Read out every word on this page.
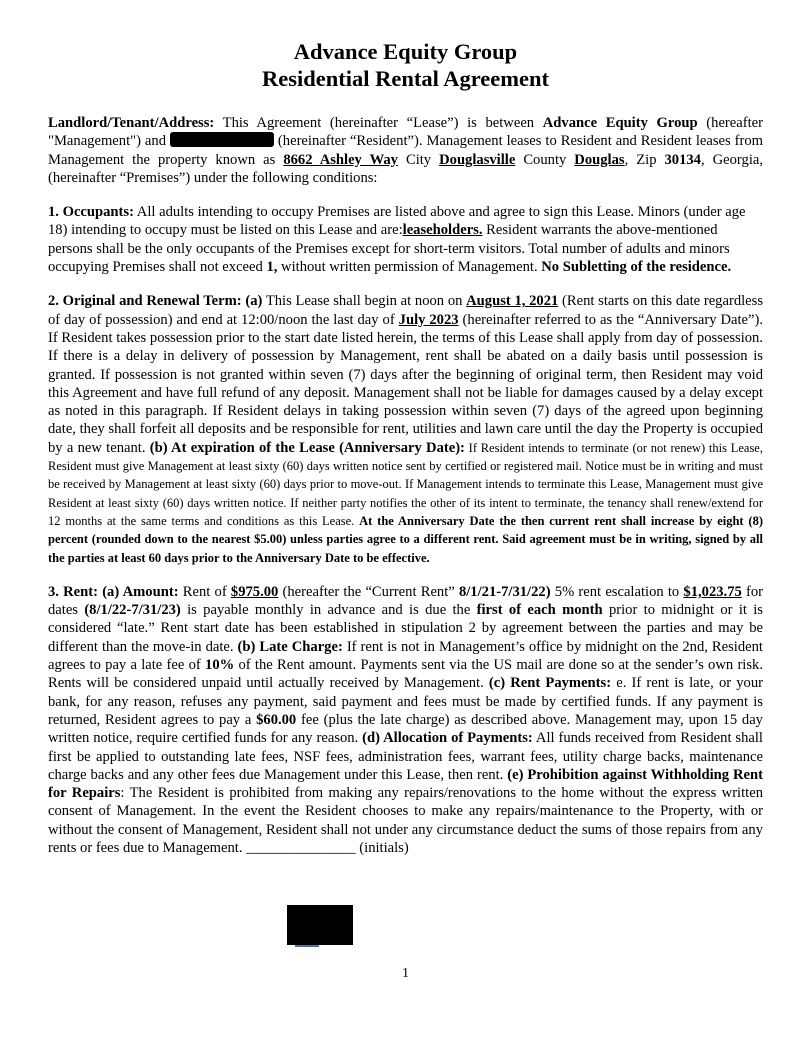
Advance Equity Group
Residential Rental Agreement

Landlord/Tenant/Address: This Agreement (hereinafter “Lease”) is between Advance Equity Group (hereafter "Management") and	(hereinafter “Resident”). Management leases to Resident and Resident leases from Management the property known as 8662 Ashley Way City Douglasville County Douglas, Zip 30134, Georgia, (hereinafter “Premises”) under the following conditions:

1. Occupants: All adults intending to occupy Premises are listed above and agree to sign this Lease. Minors (under age 18) intending to occupy must be listed on this Lease and are:leaseholders. Resident warrants the above-mentioned persons shall be the only occupants of the Premises except for short-term visitors. Total number of adults and minors occupying Premises shall not exceed 1, without written permission of Management. No Subletting of the residence.

2. Original and Renewal Term: (a) This Lease shall begin at noon on August 1, 2021 (Rent starts on this date regardless of day of possession) and end at 12:00/noon the last day of July 2023 (hereinafter referred to as the “Anniversary Date”). If Resident takes possession prior to the start date listed herein, the terms of this Lease shall apply from day of possession. If there is a delay in delivery of possession by Management, rent shall be abated on a daily basis until possession is granted. If possession is not granted within seven (7) days after the beginning of original term, then Resident may void this Agreement and have full refund of any deposit. Management shall not be liable for damages caused by a delay except as noted in this paragraph. If Resident delays in taking possession within seven (7) days of the agreed upon beginning date, they shall forfeit all deposits and be responsible for rent, utilities and lawn care until the day the Property is occupied by a new tenant. (b) At expiration of the Lease (Anniversary Date): If Resident intends to terminate (or not renew) this Lease, Resident must give Management at least sixty (60) days written notice sent by certified or registered mail. Notice must be in writing and must be received by Management at least sixty (60) days prior to move-out. If Management intends to terminate this Lease, Management must give Resident at least sixty (60) days written notice. If neither party notifies the other of its intent to terminate, the tenancy shall renew/extend for 12 months at the same terms and conditions as this Lease. At the Anniversary Date the then current rent shall increase by eight (8) percent (rounded down to the nearest $5.00) unless parties agree to a different rent. Said agreement must be in writing, signed by all the parties at least 60 days prior to the Anniversary Date to be effective.

3. Rent: (a) Amount: Rent of $975.00 (hereafter the “Current Rent” 8/1/21-7/31/22) 5% rent escalation to $1,023.75 for dates (8/1/22-7/31/23) is payable monthly in advance and is due the first of each month prior to midnight or it is considered “late.” Rent start date has been established in stipulation 2 by agreement between the parties and may be different than the move-in date. (b) Late Charge: If rent is not in Management’s office by midnight on the 2nd, Resident agrees to pay a late fee of 10% of the Rent amount. Payments sent via the US mail are done so at the sender’s own risk. Rents will be considered unpaid until actually received by Management. (c) Rent Payments: e. If rent is late, or your bank, for any reason, refuses any payment, said payment and fees must be made by certified funds. If any payment is returned, Resident agrees to pay a $60.00 fee (plus the late charge) as described above. Management may, upon 15 day written notice, require certified funds for any reason. (d) Allocation of Payments: All funds received from Resident shall first be applied to outstanding late fees, NSF fees, administration fees, warrant fees, utility charge backs, maintenance charge backs and any other fees due Management under this Lease, then rent. (e) Prohibition against Withholding Rent for Repairs: The Resident is prohibited from making any repairs/renovations to the home without the express written consent of Management. In the event the Resident chooses to make any repairs/maintenance to the Property, with or without the consent of Management, Resident shall not under any circumstance deduct the sums of those repairs from any rents or fees due to Management. _______________ (initials)

1
